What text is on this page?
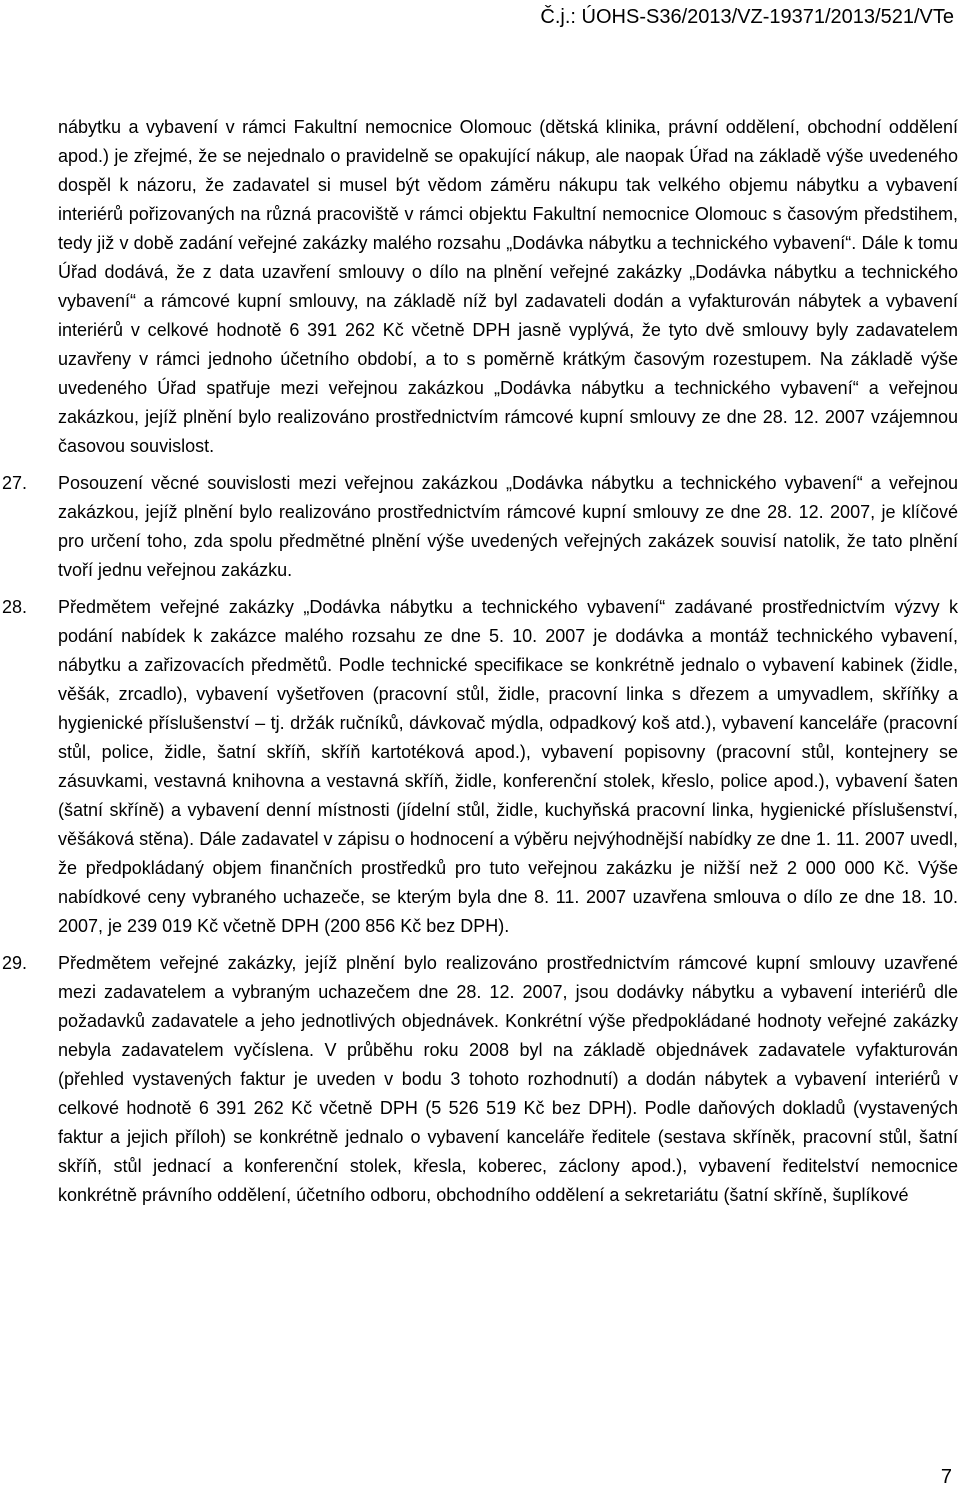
Č.j.: ÚOHS-S36/2013/VZ-19371/2013/521/VTe

nábytku a vybavení v rámci Fakultní nemocnice Olomouc (dětská klinika, právní oddělení, obchodní oddělení apod.) je zřejmé, že se nejednalo o pravidelně se opakující nákup, ale naopak Úřad na základě výše uvedeného dospěl k názoru, že zadavatel si musel být vědom záměru nákupu tak velkého objemu nábytku a vybavení interiérů pořizovaných na různá pracoviště v rámci objektu Fakultní nemocnice Olomouc s časovým předstihem, tedy již v době zadání veřejné zakázky malého rozsahu „Dodávka nábytku a technického vybavení“. Dále k tomu Úřad dodává, že z data uzavření smlouvy o dílo na plnění veřejné zakázky „Dodávka nábytku a technického vybavení“ a rámcové kupní smlouvy, na základě níž byl zadavateli dodán a vyfakturován nábytek a vybavení interiérů v celkové hodnotě 6 391 262 Kč včetně DPH jasně vyplývá, že tyto dvě smlouvy byly zadavatelem uzavřeny v rámci jednoho účetního období, a to s poměrně krátkým časovým rozestupem. Na základě výše uvedeného Úřad spatřuje mezi veřejnou zakázkou „Dodávka nábytku a technického vybavení“ a veřejnou zakázkou, jejíž plnění bylo realizováno prostřednictvím rámcové kupní smlouvy ze dne 28. 12. 2007 vzájemnou časovou souvislost.

27. Posouzení věcné souvislosti mezi veřejnou zakázkou „Dodávka nábytku a technického vybavení“ a veřejnou zakázkou, jejíž plnění bylo realizováno prostřednictvím rámcové kupní smlouvy ze dne 28. 12. 2007, je klíčové pro určení toho, zda spolu předmětné plnění výše uvedených veřejných zakázek souvisí natolik, že tato plnění tvoří jednu veřejnou zakázku.

28. Předmětem veřejné zakázky „Dodávka nábytku a technického vybavení“ zadávané prostřednictvím výzvy k podání nabídek k zakázce malého rozsahu ze dne 5. 10. 2007 je dodávka a montáž technického vybavení, nábytku a zařizovacích předmětů. Podle technické specifikace se konkrétně jednalo o vybavení kabinek (židle, věšák, zrcadlo), vybavení vyšetřoven (pracovní stůl, židle, pracovní linka s dřezem a umyvadlem, skříňky a hygienické příslušenství – tj. držák ručníků, dávkovač mýdla, odpadkový koš atd.), vybavení kanceláře (pracovní stůl, police, židle, šatní skříň, skříň kartotéková apod.), vybavení popisovny (pracovní stůl, kontejnery se zásuvkami, vestavná knihovna a vestavná skříň, židle, konferenční stolek, křeslo, police apod.), vybavení šaten (šatní skříně) a vybavení denní místnosti (jídelní stůl, židle, kuchyňská pracovní linka, hygienické příslušenství, věšáková stěna). Dále zadavatel v zápisu o hodnocení a výběru nejvýhodnější nabídky ze dne 1. 11. 2007 uvedl, že předpokládaný objem finančních prostředků pro tuto veřejnou zakázku je nižší než 2 000 000 Kč. Výše nabídkové ceny vybraného uchazeče, se kterým byla dne 8. 11. 2007 uzavřena smlouva o dílo ze dne 18. 10. 2007, je 239 019 Kč včetně DPH (200 856 Kč bez DPH).

29. Předmětem veřejné zakázky, jejíž plnění bylo realizováno prostřednictvím rámcové kupní smlouvy uzavřené mezi zadavatelem a vybraným uchazečem dne 28. 12. 2007, jsou dodávky nábytku a vybavení interiérů dle požadavků zadavatele a jeho jednotlivých objednávek. Konkrétní výše předpokládané hodnoty veřejné zakázky nebyla zadavatelem vyčíslena. V průběhu roku 2008 byl na základě objednávek zadavatele vyfakturován (přehled vystavených faktur je uveden v bodu 3 tohoto rozhodnutí) a dodán nábytek a vybavení interiérů v celkové hodnotě 6 391 262 Kč včetně DPH (5 526 519 Kč bez DPH). Podle daňových dokladů (vystavených faktur a jejich příloh) se konkrétně jednalo o vybavení kanceláře ředitele (sestava skříněk, pracovní stůl, šatní skříň, stůl jednací a konferenční stolek, křesla, koberec, záclony apod.), vybavení ředitelství nemocnice konkrétně právního oddělení, účetního odboru, obchodního oddělení a sekretariátu (šatní skříně, šuplíkové

7
